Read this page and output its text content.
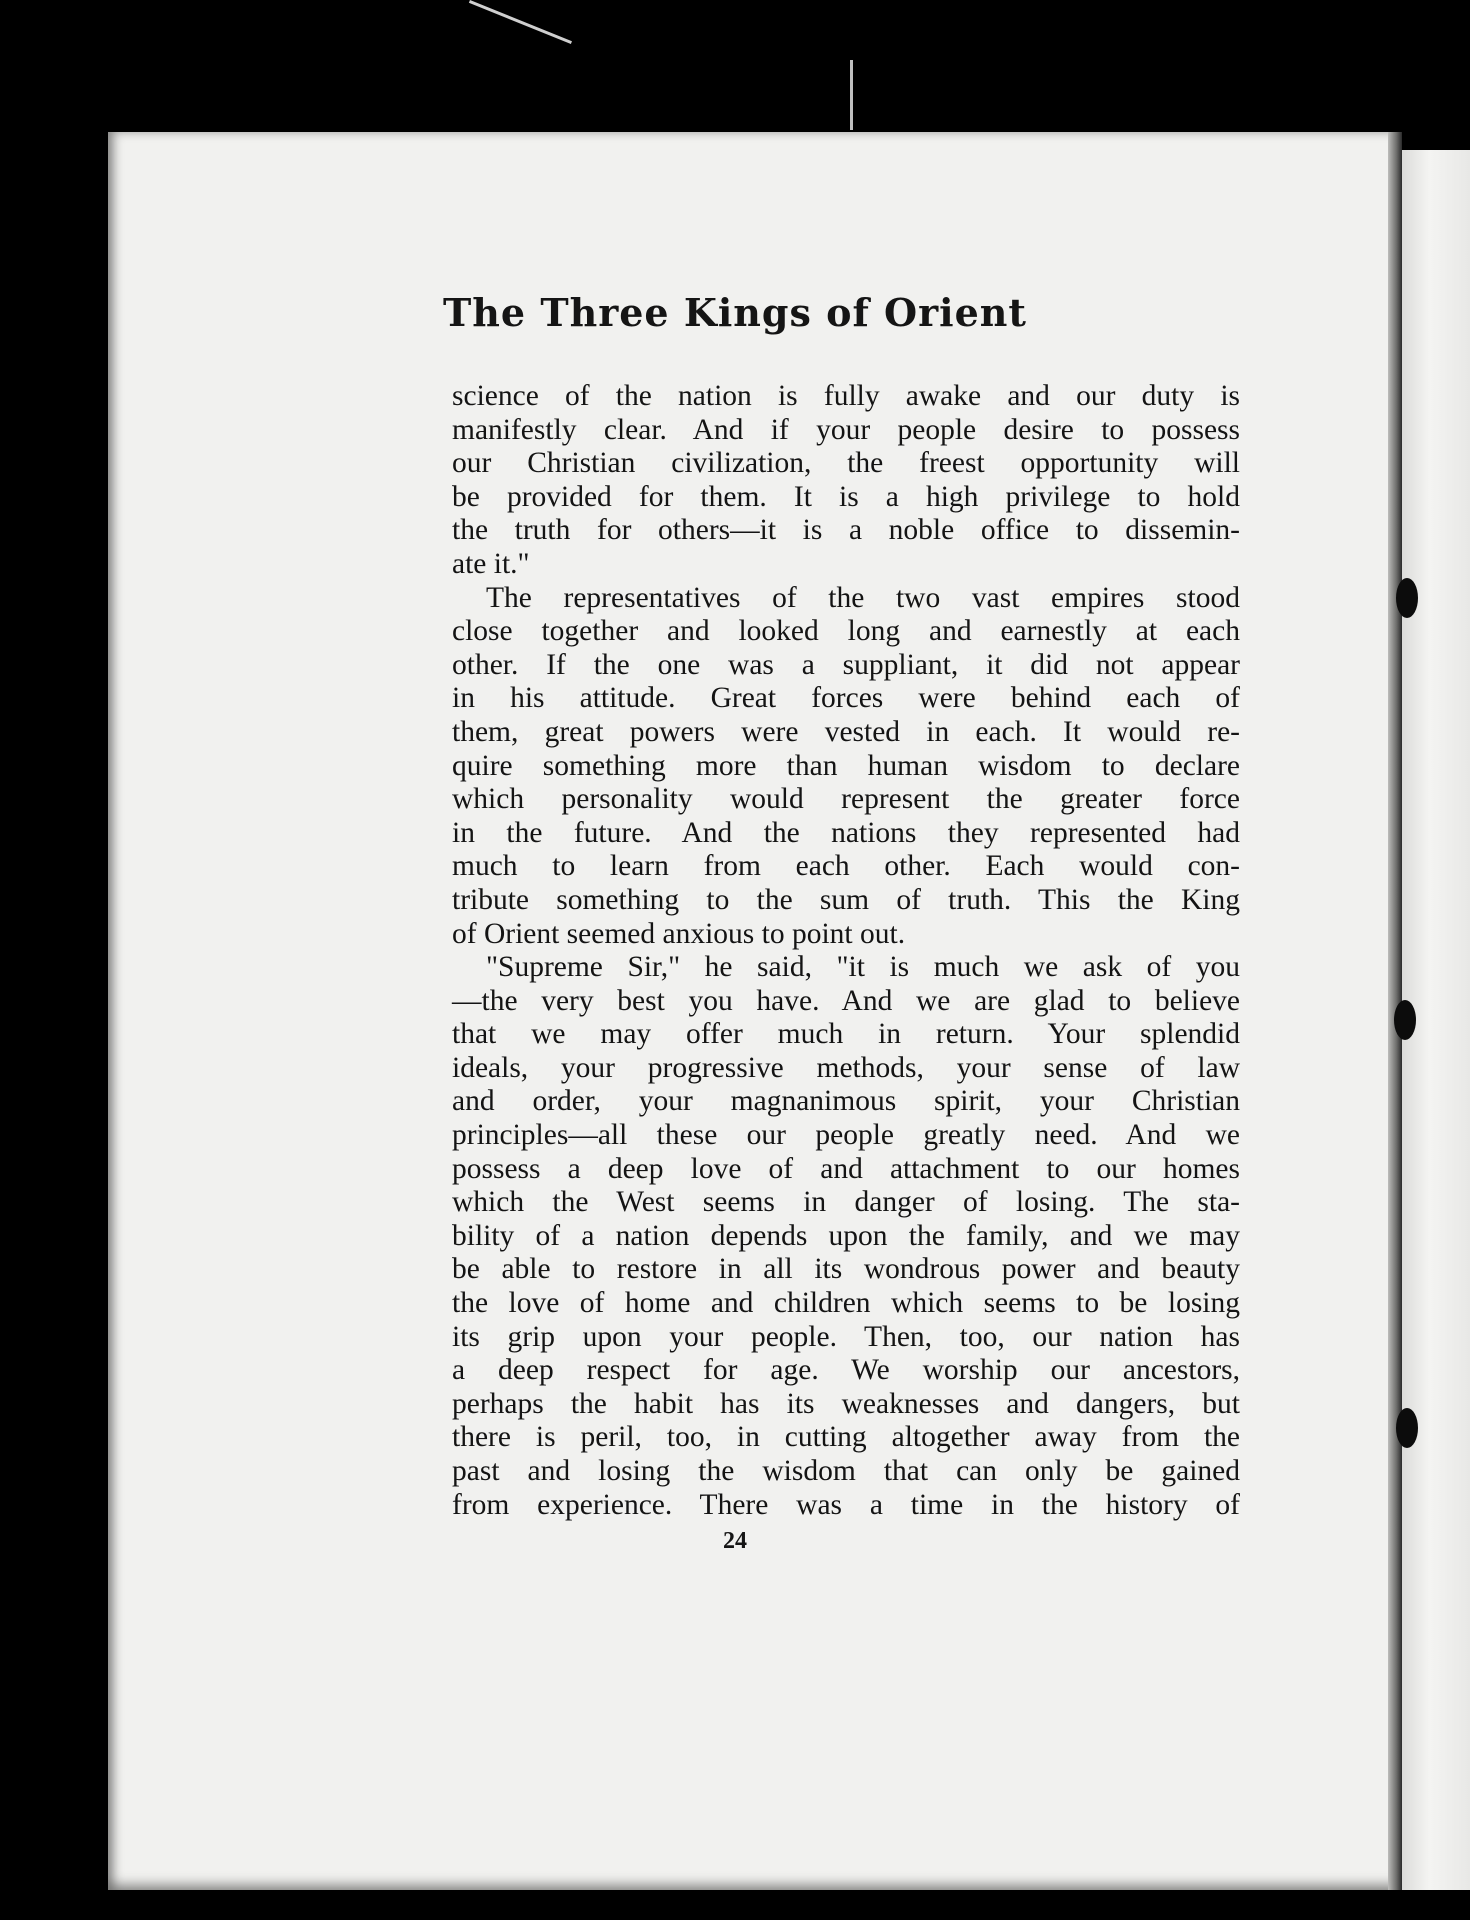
The Three Kings of Orient
science of the nation is fully awake and our duty is
manifestly clear. And if your people desire to possess
our Christian civilization, the freest opportunity will
be provided for them. It is a high privilege to hold
the truth for others—it is a noble office to dissemin-
ate it."
The representatives of the two vast empires stood
close together and looked long and earnestly at each
other. If the one was a suppliant, it did not appear
in his attitude. Great forces were behind each of
them, great powers were vested in each. It would re-
quire something more than human wisdom to declare
which personality would represent the greater force
in the future. And the nations they represented had
much to learn from each other. Each would con-
tribute something to the sum of truth. This the King
of Orient seemed anxious to point out.
"Supreme Sir," he said, "it is much we ask of you
—the very best you have. And we are glad to believe
that we may offer much in return. Your splendid
ideals, your progressive methods, your sense of law
and order, your magnanimous spirit, your Christian
principles—all these our people greatly need. And we
possess a deep love of and attachment to our homes
which the West seems in danger of losing. The sta-
bility of a nation depends upon the family, and we may
be able to restore in all its wondrous power and beauty
the love of home and children which seems to be losing
its grip upon your people. Then, too, our nation has
a deep respect for age. We worship our ancestors,
perhaps the habit has its weaknesses and dangers, but
there is peril, too, in cutting altogether away from the
past and losing the wisdom that can only be gained
from experience. There was a time in the history of
24
